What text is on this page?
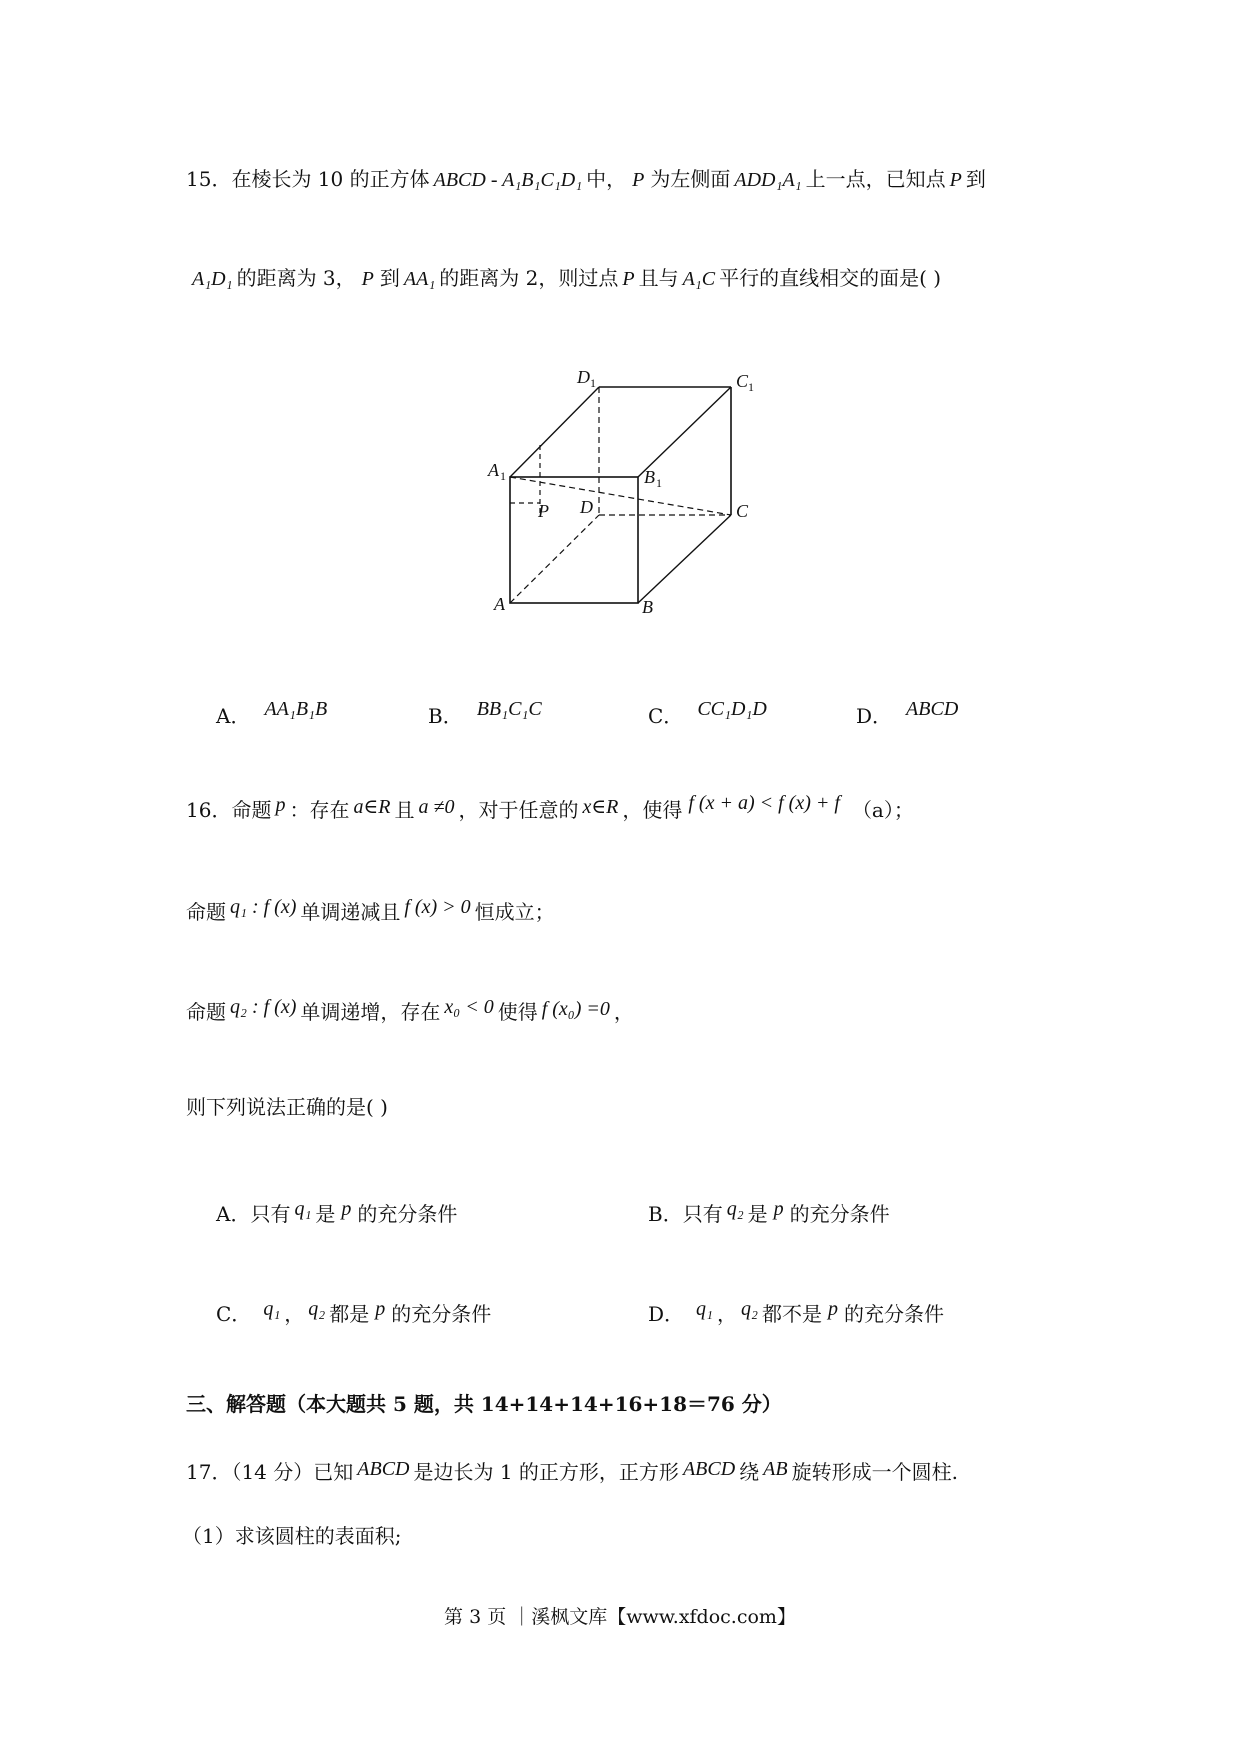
15．在棱长为 10 的正方体 ABCD - A₁B₁C₁D₁ 中， P 为左侧面 ADD₁A₁ 上一点，已知点 P 到
A₁D₁ 的距离为 3， P 到 AA₁ 的距离为 2，则过点 P 且与 A₁C 平行的直线相交的面是( )
D 1	C 1
A 1	B 1
P D	C
A	B
A． AA₁B₁B	B． BB₁C₁C	C． CC₁D₁D	D． ABCD
16．命题 p ：存在 a∈R 且 a ≠0 ，对于任意的 x∈R ，使得 f (x + a) < f (x) + f （a）；
命题 q₁ : f (x) 单调递减且 f (x) > 0 恒成立；
命题 q₂ : f (x) 单调递增，存在 x₀ < 0 使得 f (x₀) =0 ，
则下列说法正确的是( )
A．只有 q₁ 是 p 的充分条件	B．只有 q₂ 是 p 的充分条件
C． q₁ ， q₂ 都是 p 的充分条件	D． q₁ ， q₂ 都不是 p 的充分条件
三、解答题（本大题共 5 题，共 14+14+14+16+18＝76 分）
17．（14 分）已知 ABCD 是边长为 1 的正方形，正方形 ABCD 绕 AB 旋转形成一个圆柱.
（1）求该圆柱的表面积;
第 3 页 ｜溪枫文库【www.xfdoc.com】
